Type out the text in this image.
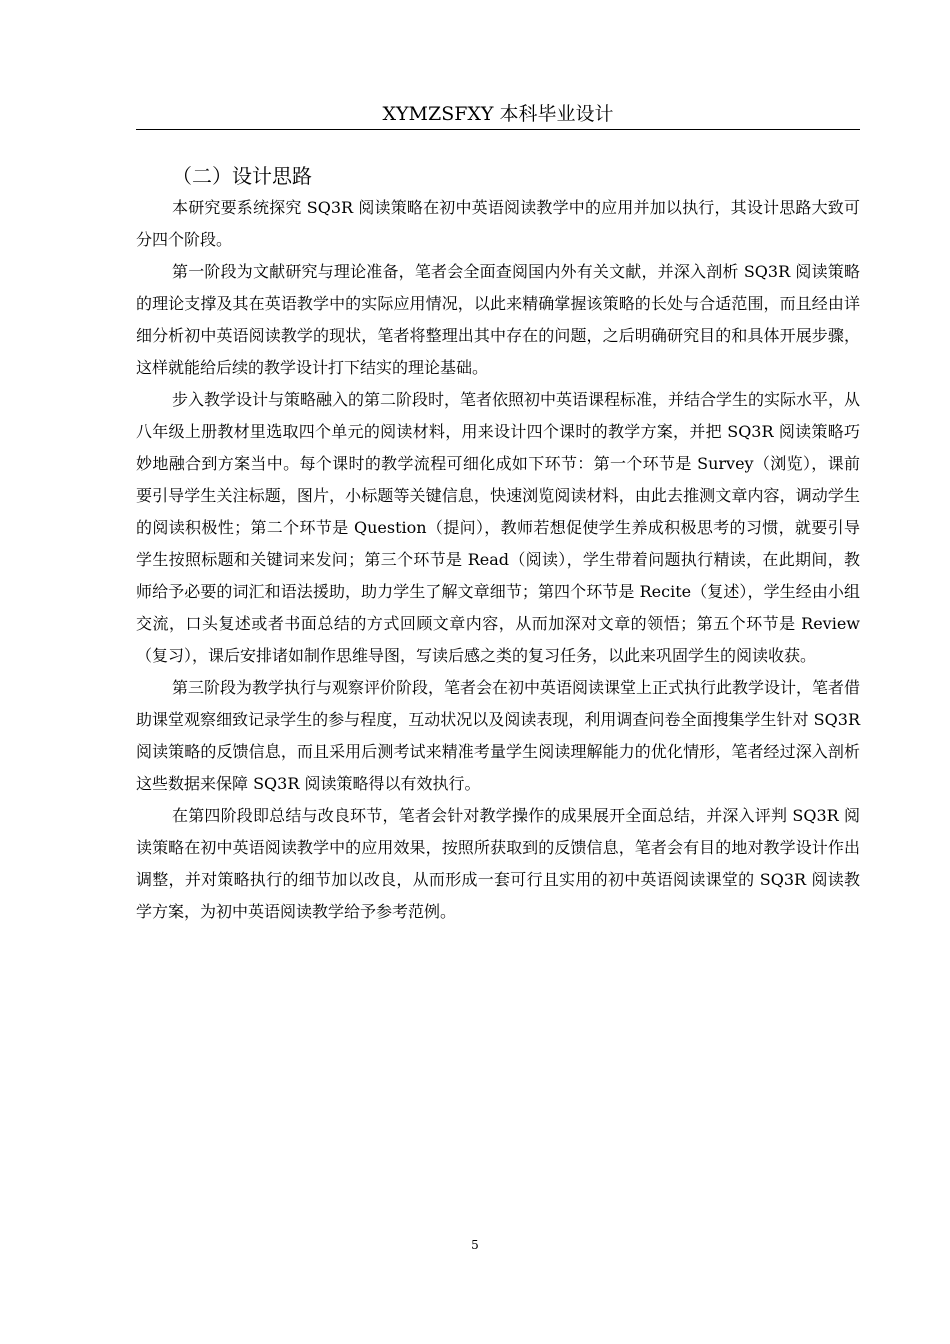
XYMZSFXY 本科毕业设计
（二）设计思路

本研究要系统探究 SQ3R 阅读策略在初中英语阅读教学中的应用并加以执行，其设计思路大致可分四个阶段。

第一阶段为文献研究与理论准备，笔者会全面查阅国内外有关文献，并深入剖析 SQ3R 阅读策略的理论支撑及其在英语教学中的实际应用情况，以此来精确掌握该策略的长处与合适范围，而且经由详细分析初中英语阅读教学的现状，笔者将整理出其中存在的问题，之后明确研究目的和具体开展步骤，这样就能给后续的教学设计打下结实的理论基础。

步入教学设计与策略融入的第二阶段时，笔者依照初中英语课程标准，并结合学生的实际水平，从八年级上册教材里选取四个单元的阅读材料，用来设计四个课时的教学方案，并把 SQ3R 阅读策略巧妙地融合到方案当中。每个课时的教学流程可细化成如下环节：第一个环节是 Survey（浏览），课前要引导学生关注标题，图片，小标题等关键信息，快速浏览阅读材料，由此去推测文章内容，调动学生的阅读积极性；第二个环节是 Question（提问），教师若想促使学生养成积极思考的习惯，就要引导学生按照标题和关键词来发问；第三个环节是 Read（阅读），学生带着问题执行精读，在此期间，教师给予必要的词汇和语法援助，助力学生了解文章细节；第四个环节是 Recite（复述），学生经由小组交流，口头复述或者书面总结的方式回顾文章内容，从而加深对文章的领悟；第五个环节是 Review（复习），课后安排诸如制作思维导图，写读后感之类的复习任务，以此来巩固学生的阅读收获。

第三阶段为教学执行与观察评价阶段，笔者会在初中英语阅读课堂上正式执行此教学设计，笔者借助课堂观察细致记录学生的参与程度，互动状况以及阅读表现，利用调查问卷全面搜集学生针对 SQ3R 阅读策略的反馈信息，而且采用后测考试来精准考量学生阅读理解能力的优化情形，笔者经过深入剖析这些数据来保障 SQ3R 阅读策略得以有效执行。

在第四阶段即总结与改良环节，笔者会针对教学操作的成果展开全面总结，并深入评判 SQ3R 阅读策略在初中英语阅读教学中的应用效果，按照所获取到的反馈信息，笔者会有目的地对教学设计作出调整，并对策略执行的细节加以改良，从而形成一套可行且实用的初中英语阅读课堂的 SQ3R 阅读教学方案，为初中英语阅读教学给予参考范例。

5
